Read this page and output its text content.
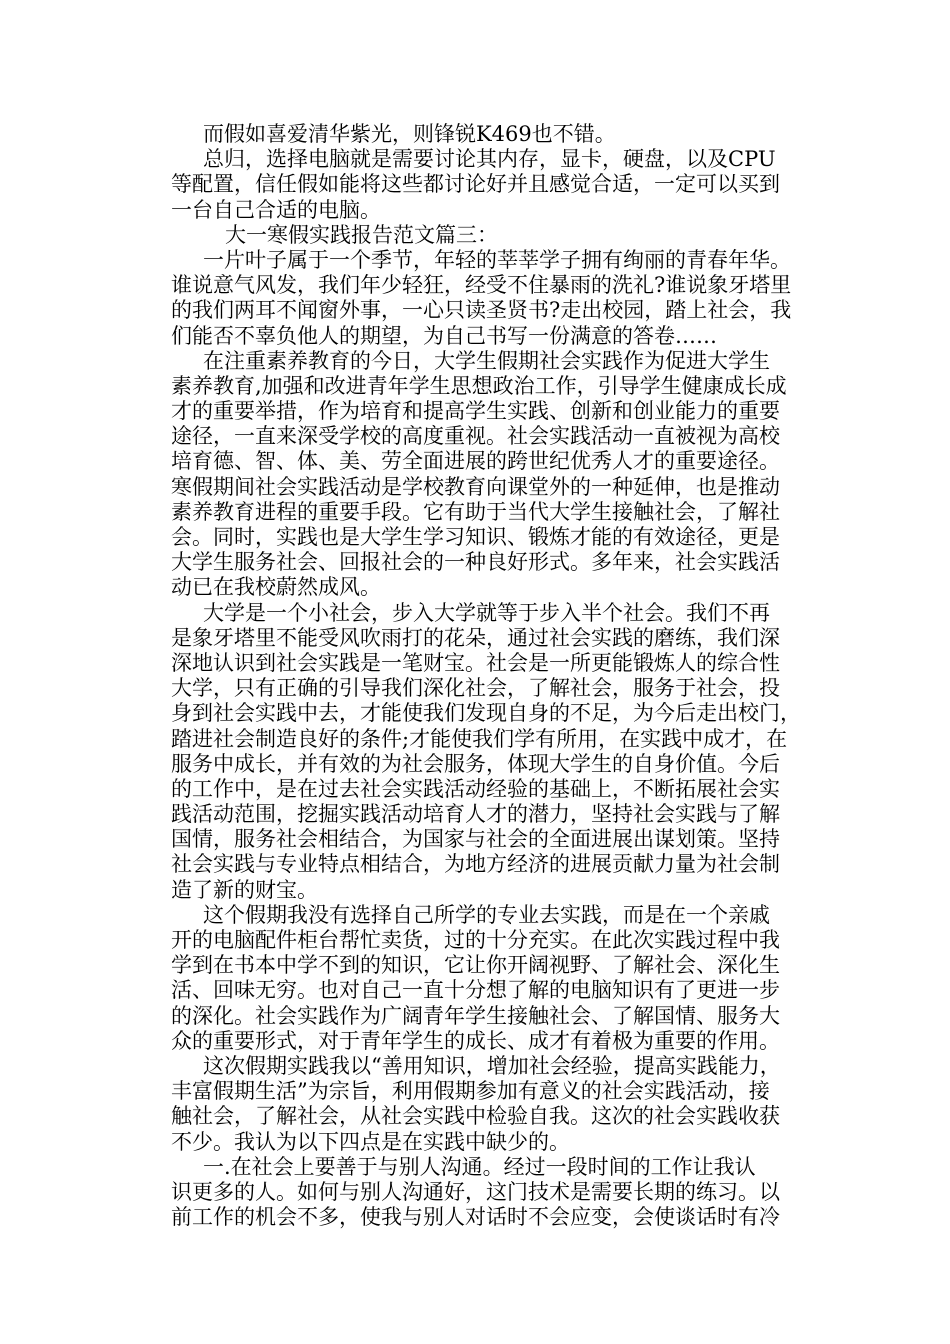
而假如喜爱清华紫光，则锋锐K469也不错。
总归，选择电脑就是需要讨论其内存，显卡，硬盘，以及CPU
等配置，信任假如能将这些都讨论好并且感觉合适，一定可以买到
一台自己合适的电脑。
大一寒假实践报告范文篇三：
一片叶子属于一个季节，年轻的莘莘学子拥有绚丽的青春年华。
谁说意气风发，我们年少轻狂，经受不住暴雨的洗礼?谁说象牙塔里
的我们两耳不闻窗外事，一心只读圣贤书?走出校园，踏上社会，我
们能否不辜负他人的期望，为自己书写一份满意的答卷……
在注重素养教育的今日，大学生假期社会实践作为促进大学生
素养教育,加强和改进青年学生思想政治工作，引导学生健康成长成
才的重要举措，作为培育和提高学生实践、创新和创业能力的重要
途径，一直来深受学校的高度重视。社会实践活动一直被视为高校
培育德、智、体、美、劳全面进展的跨世纪优秀人才的重要途径。
寒假期间社会实践活动是学校教育向课堂外的一种延伸，也是推动
素养教育进程的重要手段。它有助于当代大学生接触社会，了解社
会。同时，实践也是大学生学习知识、锻炼才能的有效途径，更是
大学生服务社会、回报社会的一种良好形式。多年来，社会实践活
动已在我校蔚然成风。
大学是一个小社会，步入大学就等于步入半个社会。我们不再
是象牙塔里不能受风吹雨打的花朵，通过社会实践的磨练，我们深
深地认识到社会实践是一笔财宝。社会是一所更能锻炼人的综合性
大学，只有正确的引导我们深化社会，了解社会，服务于社会，投
身到社会实践中去，才能使我们发现自身的不足，为今后走出校门，
踏进社会制造良好的条件;才能使我们学有所用，在实践中成才，在
服务中成长，并有效的为社会服务，体现大学生的自身价值。今后
的工作中，是在过去社会实践活动经验的基础上，不断拓展社会实
践活动范围，挖掘实践活动培育人才的潜力，坚持社会实践与了解
国情，服务社会相结合，为国家与社会的全面进展出谋划策。坚持
社会实践与专业特点相结合，为地方经济的进展贡献力量为社会制
造了新的财宝。
这个假期我没有选择自己所学的专业去实践，而是在一个亲戚
开的电脑配件柜台帮忙卖货，过的十分充实。在此次实践过程中我
学到在书本中学不到的知识，它让你开阔视野、了解社会、深化生
活、回味无穷。也对自己一直十分想了解的电脑知识有了更进一步
的深化。社会实践作为广阔青年学生接触社会、了解国情、服务大
众的重要形式，对于青年学生的成长、成才有着极为重要的作用。
这次假期实践我以“善用知识，增加社会经验，提高实践能力，
丰富假期生活”为宗旨，利用假期参加有意义的社会实践活动，接
触社会，了解社会，从社会实践中检验自我。这次的社会实践收获
不少。我认为以下四点是在实践中缺少的。
一.在社会上要善于与别人沟通。经过一段时间的工作让我认
识更多的人。如何与别人沟通好，这门技术是需要长期的练习。以
前工作的机会不多，使我与别人对话时不会应变，会使谈话时有冷
